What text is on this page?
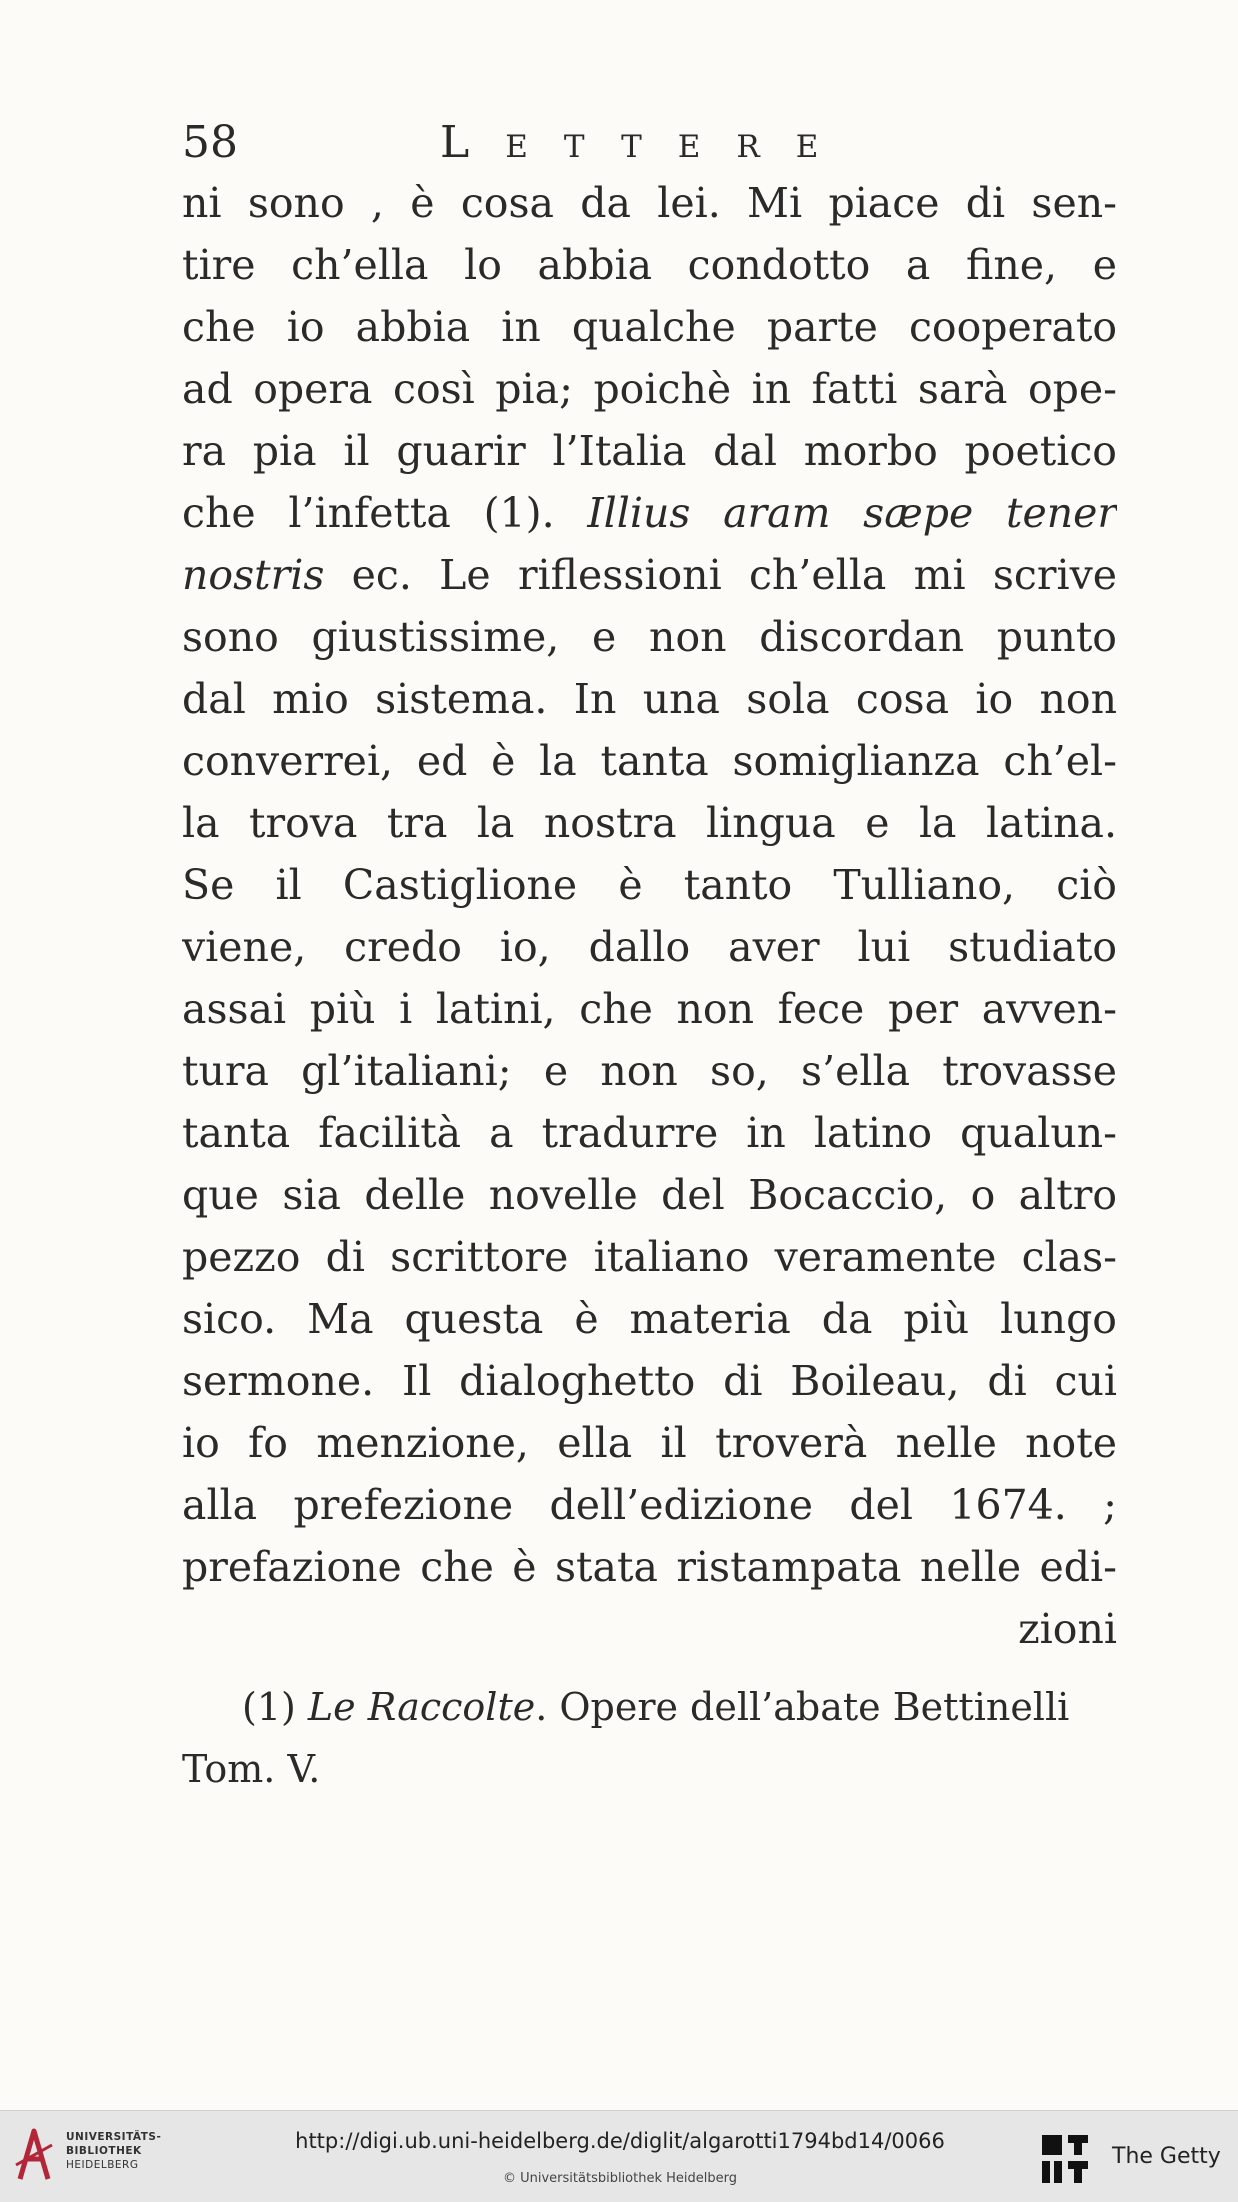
58	Lettere
ni sono , è cosa da lei. Mi piace di sen-
tire ch’ella lo abbia condotto a fine, e
che io abbia in qualche parte cooperato
ad opera così pia; poichè in fatti sarà ope-
ra pia il guarir l’Italia dal morbo poetico
che l’infetta (1). Illius aram sæpe tener
nostris ec. Le riflessioni ch’ella mi scrive
sono giustissime, e non discordan punto
dal mio sistema. In una sola cosa io non
converrei, ed è la tanta somiglianza ch’el-
la trova tra la nostra lingua e la latina.
Se il Castiglione è tanto Tulliano, ciò
viene, credo io, dallo aver lui studiato
assai più i latini, che non fece per avven-
tura gl’italiani; e non so, s’ella trovasse
tanta facilità a tradurre in latino qualun-
que sia delle novelle del Bocaccio, o altro
pezzo di scrittore italiano veramente clas-
sico. Ma questa è materia da più lungo
sermone. Il dialoghetto di Boileau, di cui
io fo menzione, ella il troverà nelle note
alla prefezione dell’edizione del 1674. ;
prefazione che è stata ristampata nelle edi-
zioni
(1) Le Raccolte. Opere dell’abate Bettinelli
Tom. V.
UNIVERSITÄTS-
BIBLIOTHEK
HEIDELBERG
http://digi.ub.uni-heidelberg.de/diglit/algarotti1794bd14/0066
© Universitätsbibliothek Heidelberg
The Getty
